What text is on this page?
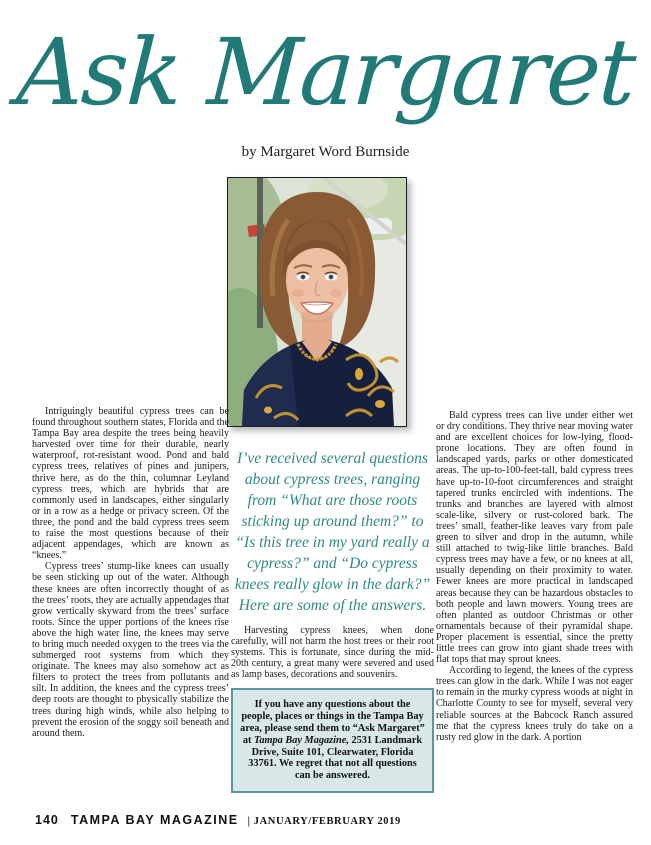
Ask Margaret
by Margaret Word Burnside

Intriguingly beautiful cypress trees can be found throughout southern states, Florida and the Tampa Bay area despite the trees being heavily harvested over time for their durable, nearly waterproof, rot-resistant wood. Pond and bald cypress trees, relatives of pines and junipers, thrive here, as do the thin, columnar Leyland cypress trees, which are hybrids that are commonly used in landscapes, either singularly or in a row as a hedge or privacy screen. Of the three, the pond and the bald cypress trees seem to raise the most questions because of their adjacent appendages, which are known as “knees.”

Cypress trees’ stump-like knees can usually be seen sticking up out of the water. Although these knees are often incorrectly thought of as the trees’ roots, they are actually appendages that grow vertically skyward from the trees’ surface roots. Since the upper portions of the knees rise above the high water line, the knees may serve to bring much needed oxygen to the trees via the submerged root systems from which they originate. The knees may also somehow act as filters to protect the trees from pollutants and silt. In addition, the knees and the cypress trees’ deep roots are thought to physically stabilize the trees during high winds, while also helping to prevent the erosion of the soggy soil beneath and around them.

I’ve received several questions about cypress trees, ranging from “What are those roots sticking up around them?” to “Is this tree in my yard really a cypress?” and “Do cypress knees really glow in the dark?” Here are some of the answers.

Harvesting cypress knees, when done carefully, will not harm the host trees or their root systems. This is fortunate, since during the mid-20th century, a great many were severed and used as lamp bases, decorations and souvenirs.

If you have any questions about the people, places or things in the Tampa Bay area, please send them to “Ask Margaret” at Tampa Bay Magazine, 2531 Landmark Drive, Suite 101, Clearwater, Florida 33761. We regret that not all questions can be answered.

Bald cypress trees can live under either wet or dry conditions. They thrive near moving water and are excellent choices for low-lying, flood-prone locations. They are often found in landscaped yards, parks or other domesticated areas. The up-to-100-feet-tall, bald cypress trees have up-to-10-foot circumferences and straight tapered trunks encircled with indentions. The trunks and branches are layered with almost scale-like, silvery or rust-colored bark. The trees’ small, feather-like leaves vary from pale green to silver and drop in the autumn, while still attached to twig-like little branches. Bald cypress trees may have a few, or no knees at all, usually depending on their proximity to water. Fewer knees are more practical in landscaped areas because they can be hazardous obstacles to both people and lawn mowers. Young trees are often planted as outdoor Christmas or other ornamentals because of their pyramidal shape. Proper placement is essential, since the pretty little trees can grow into giant shade trees with flat tops that may sprout knees.

According to legend, the knees of the cypress trees can glow in the dark. While I was not eager to remain in the murky cypress woods at night in Charlotte County to see for myself, several very reliable sources at the Babcock Ranch assured me that the cypress knees truly do take on a rusty red glow in the dark. A portion

140 TAMPA BAY MAGAZINE | JANUARY/FEBRUARY 2019
